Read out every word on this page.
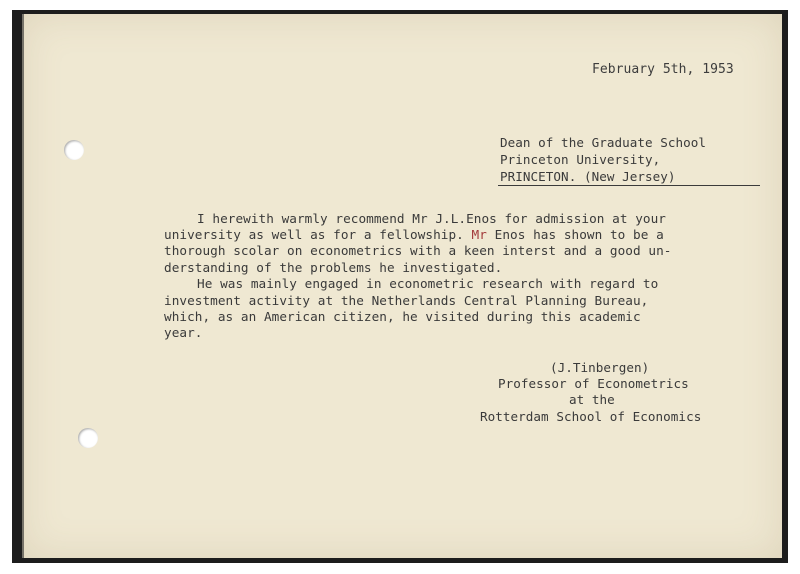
February 5th, 1953
Dean of the Graduate School
Princeton University,
PRINCETON. (New Jersey)
I herewith warmly recommend Mr J.L.Enos for admission at your
university as well as for a fellowship. Mr Enos has shown to be a
thorough scolar on econometrics with a keen interst and a good un-
derstanding of the problems he investigated.
He was mainly engaged in econometric research with regard to
investment activity at the Netherlands Central Planning Bureau,
which, as an American citizen, he visited during this academic
year.
(J.Tinbergen)
Professor of Econometrics
at the
Rotterdam School of Economics
